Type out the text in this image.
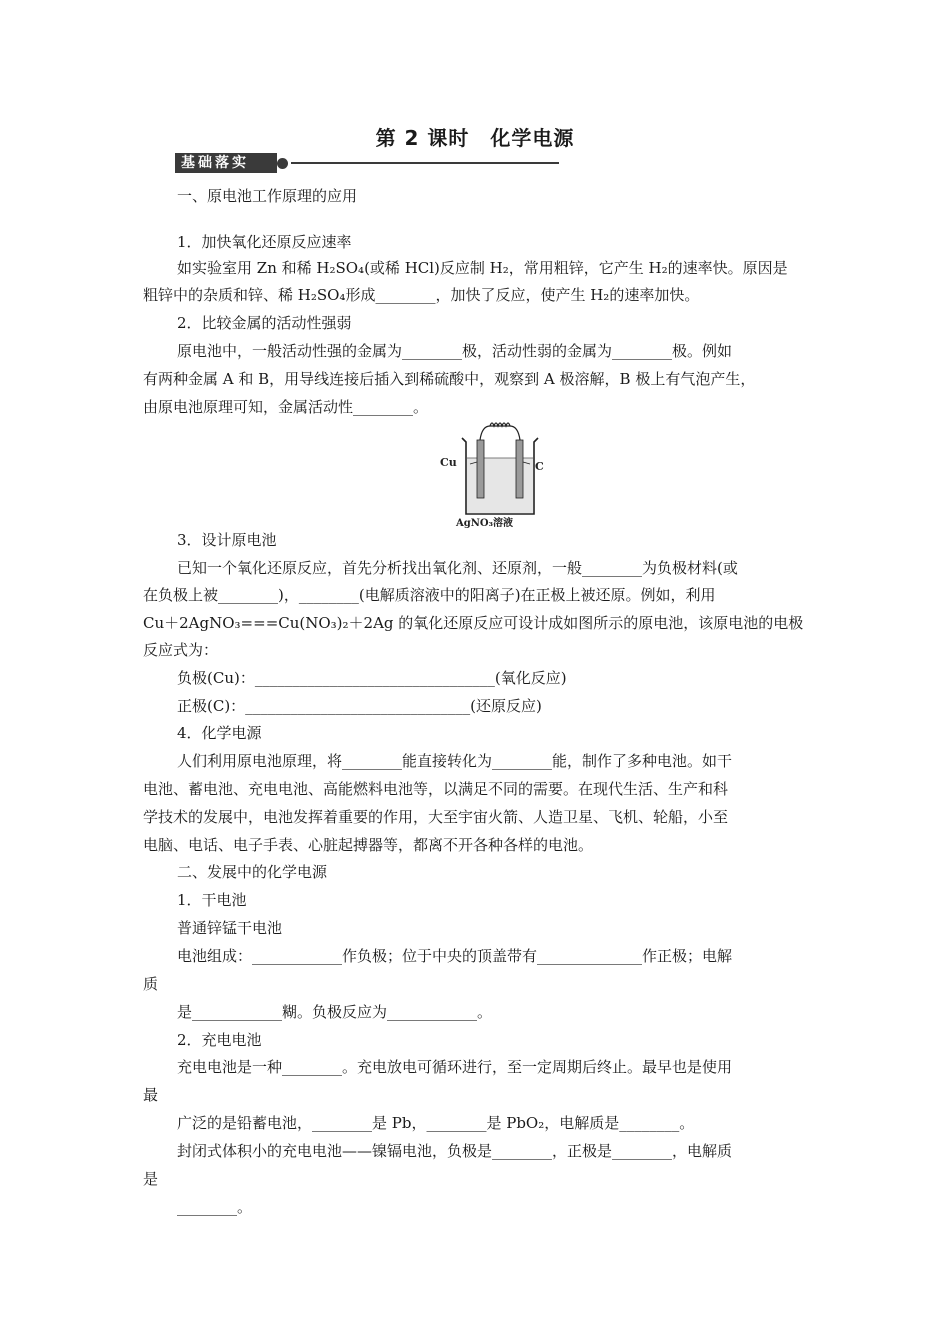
第 2 课时　化学电源
基础落实
一、原电池工作原理的应用
1．加快氧化还原反应速率
如实验室用 Zn 和稀 H₂SO₄(或稀 HCl)反应制 H₂，常用粗锌，它产生 H₂的速率快。原因是
粗锌中的杂质和锌、稀 H₂SO₄形成________，加快了反应，使产生 H₂的速率加快。
2．比较金属的活动性强弱
原电池中，一般活动性强的金属为________极，活动性弱的金属为________极。例如
有两种金属 A 和 B，用导线连接后插入到稀硫酸中，观察到 A 极溶解，B 极上有气泡产生，
由原电池原理可知，金属活动性________。
Cu	C
AgNO₃溶液
3．设计原电池
已知一个氧化还原反应，首先分析找出氧化剂、还原剂，一般________为负极材料(或
在负极上被________)，________(电解质溶液中的阳离子)在正极上被还原。例如，利用
Cu＋2AgNO₃===Cu(NO₃)₂＋2Ag 的氧化还原反应可设计成如图所示的原电池，该原电池的电极
反应式为：
负极(Cu)：________________________________(氧化反应)
正极(C)：______________________________(还原反应)
4．化学电源
人们利用原电池原理，将________能直接转化为________能，制作了多种电池。如干
电池、蓄电池、充电电池、高能燃料电池等，以满足不同的需要。在现代生活、生产和科
学技术的发展中，电池发挥着重要的作用，大至宇宙火箭、人造卫星、飞机、轮船，小至
电脑、电话、电子手表、心脏起搏器等，都离不开各种各样的电池。
二、发展中的化学电源
1．干电池
普通锌锰干电池
电池组成：____________作负极；位于中央的顶盖带有______________作正极；电解
质
是____________糊。负极反应为____________。
2．充电电池
充电电池是一种________。充电放电可循环进行，至一定周期后终止。最早也是使用
最
广泛的是铅蓄电池，________是 Pb，________是 PbO₂，电解质是________。
封闭式体积小的充电电池——镍镉电池，负极是________，正极是________，电解质
是
________。
